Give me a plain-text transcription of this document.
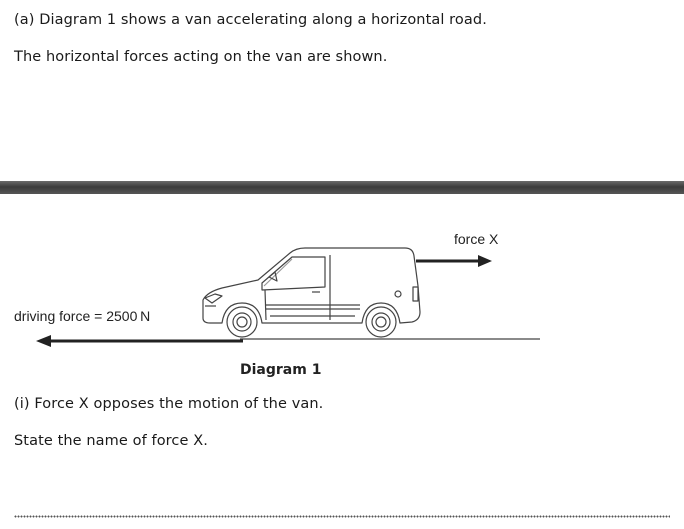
(a) Diagram 1 shows a van accelerating along a horizontal road.
The horizontal forces acting on the van are shown.
force X
driving force = 2500 N
Diagram 1
(i) Force X opposes the motion of the van.
State the name of force X.
